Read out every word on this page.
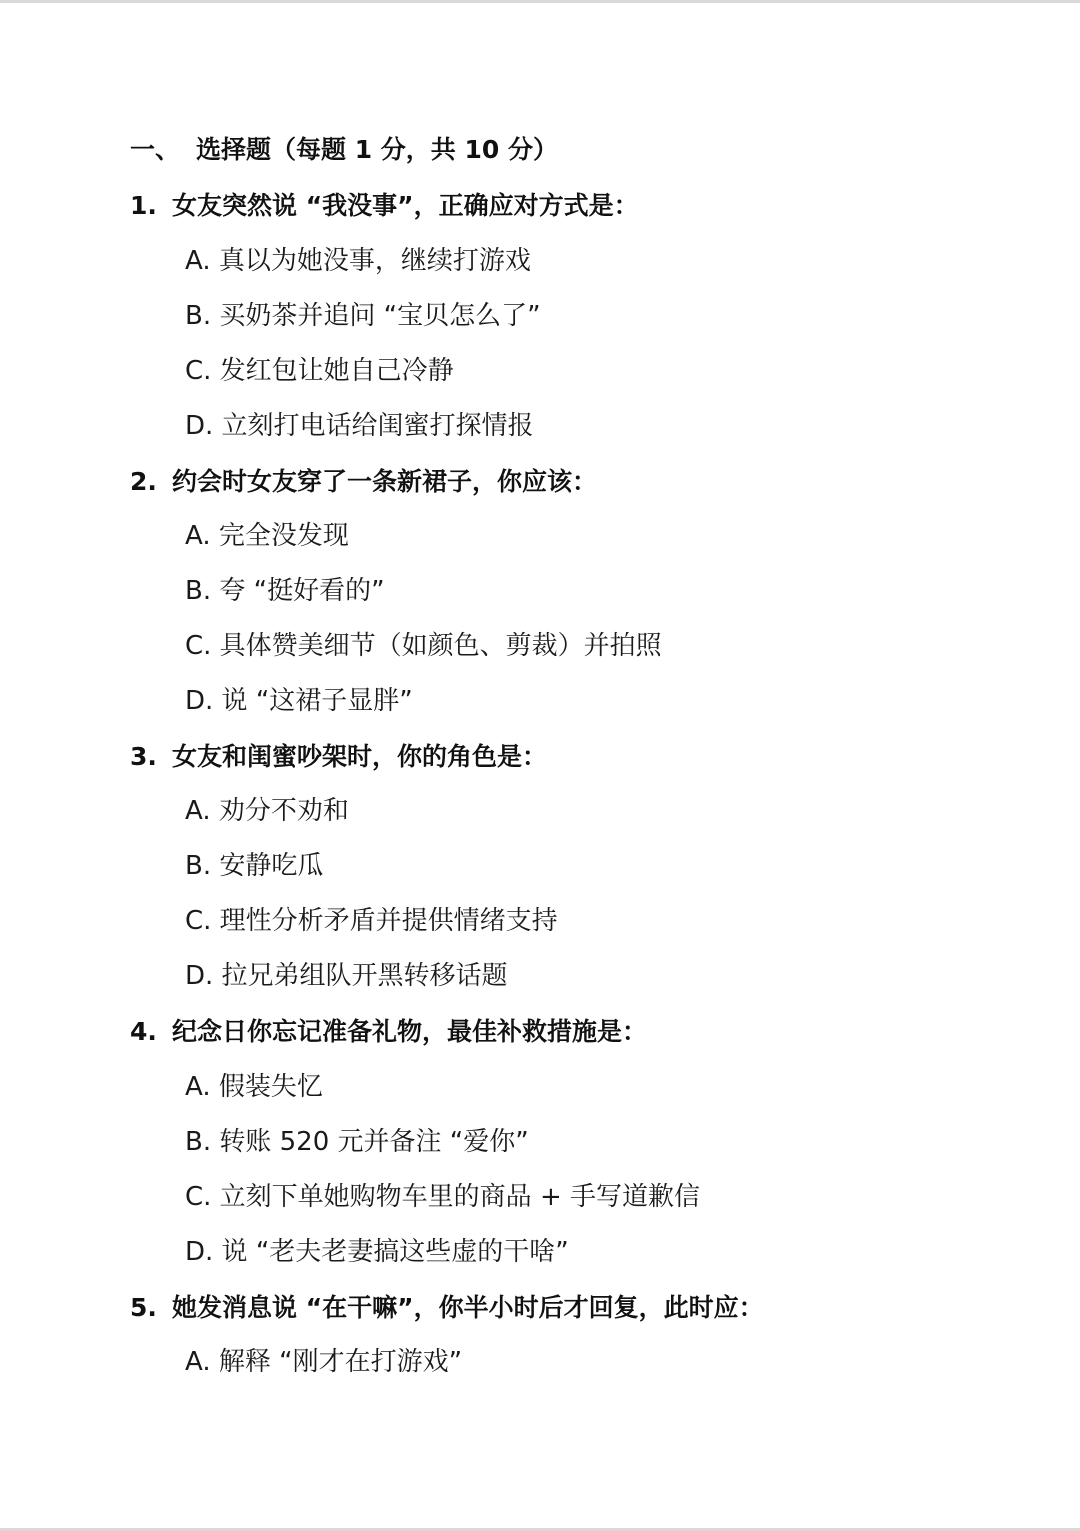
一、 选择题（每题 1 分，共 10 分）
1. 女友突然说 “我没事”，正确应对方式是：
A. 真以为她没事，继续打游戏
B. 买奶茶并追问 “宝贝怎么了”
C. 发红包让她自己冷静
D. 立刻打电话给闺蜜打探情报
2. 约会时女友穿了一条新裙子，你应该：
A. 完全没发现
B. 夸 “挺好看的”
C. 具体赞美细节（如颜色、剪裁）并拍照
D. 说 “这裙子显胖”
3. 女友和闺蜜吵架时，你的角色是：
A. 劝分不劝和
B. 安静吃瓜
C. 理性分析矛盾并提供情绪支持
D. 拉兄弟组队开黑转移话题
4. 纪念日你忘记准备礼物，最佳补救措施是：
A. 假装失忆
B. 转账 520 元并备注 “爱你”
C. 立刻下单她购物车里的商品 + 手写道歉信
D. 说 “老夫老妻搞这些虚的干啥”
5. 她发消息说 “在干嘛”，你半小时后才回复，此时应：
A. 解释 “刚才在打游戏”
